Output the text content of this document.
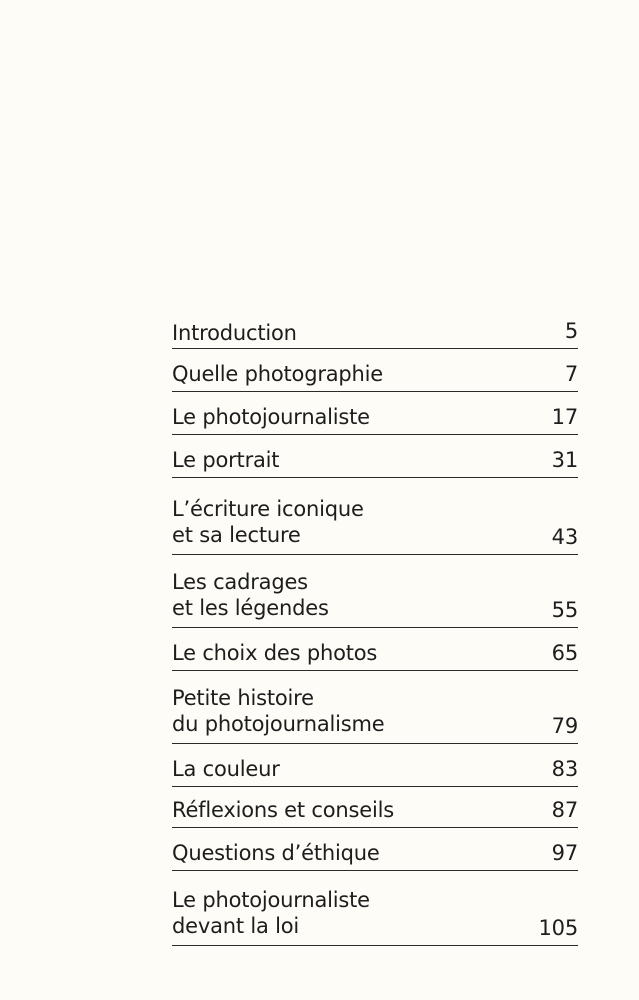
Introduction	5
Quelle photographie	7
Le photojournaliste	17
Le portrait	31
L’écriture iconique
et sa lecture	43
Les cadrages
et les légendes	55
Le choix des photos	65
Petite histoire
du photojournalisme	79
La couleur	83
Réflexions et conseils	87
Questions d’éthique	97
Le photojournaliste
devant la loi	105
